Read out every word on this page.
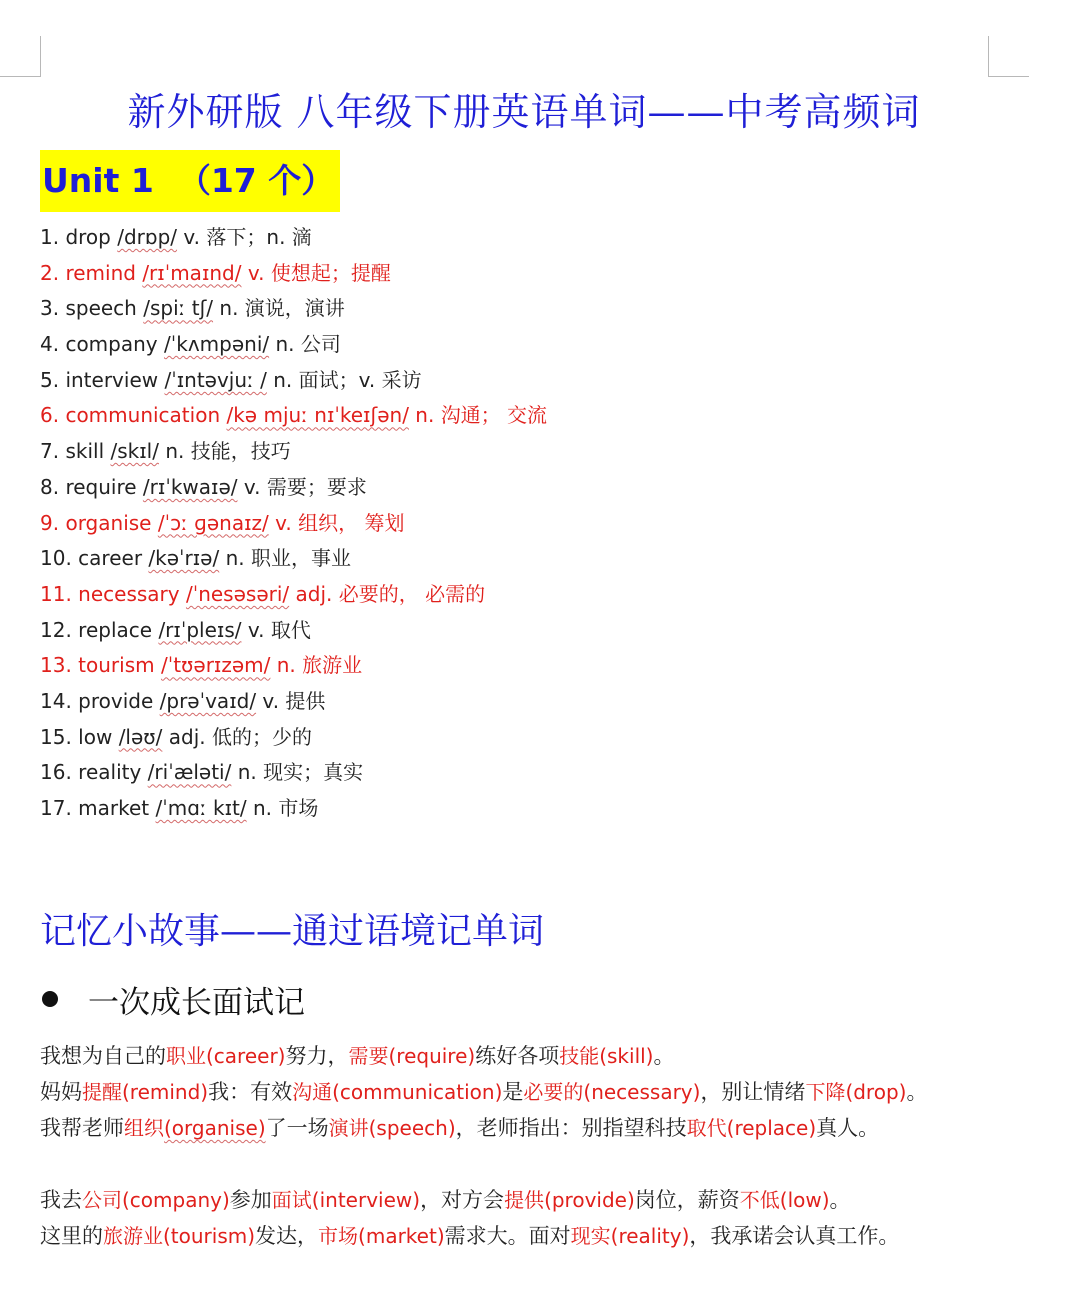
新外研版 八年级下册英语单词——中考高频词
Unit 1 （17 个）
1. drop /drɒp/ v. 落下；n. 滴
2. remind /rɪˈmaɪnd/ v. 使想起；提醒
3. speech /spiː tʃ/ n. 演说，演讲
4. company /ˈkʌmpəni/ n. 公司
5. interview /ˈɪntəvjuː / n. 面试；v. 采访
6. communication /kə mjuː nɪˈkeɪʃən/ n. 沟通； 交流
7. skill /skɪl/ n. 技能，技巧
8. require /rɪˈkwaɪə/ v. 需要；要求
9. organise /ˈɔː ɡənaɪz/ v. 组织， 筹划
10. career /kəˈrɪə/ n. 职业，事业
11. necessary /ˈnesəsəri/ adj. 必要的， 必需的
12. replace /rɪˈpleɪs/ v. 取代
13. tourism /ˈtʊərɪzəm/ n. 旅游业
14. provide /prəˈvaɪd/ v. 提供
15. low /ləʊ/ adj. 低的；少的
16. reality /riˈæləti/ n. 现实；真实
17. market /ˈmɑː kɪt/ n. 市场
记忆小故事——通过语境记单词
一次成长面试记

我想为自己的职业(career)努力，需要(require)练好各项技能(skill)。

妈妈提醒(remind)我：有效沟通(communication)是必要的(necessary)，别让情绪下降(drop)。

我帮老师组织(organise)了一场演讲(speech)，老师指出：别指望科技取代(replace)真人。

我去公司(company)参加面试(interview)，对方会提供(provide)岗位，薪资不低(low)。

这里的旅游业(tourism)发达，市场(market)需求大。面对现实(reality)，我承诺会认真工作。
